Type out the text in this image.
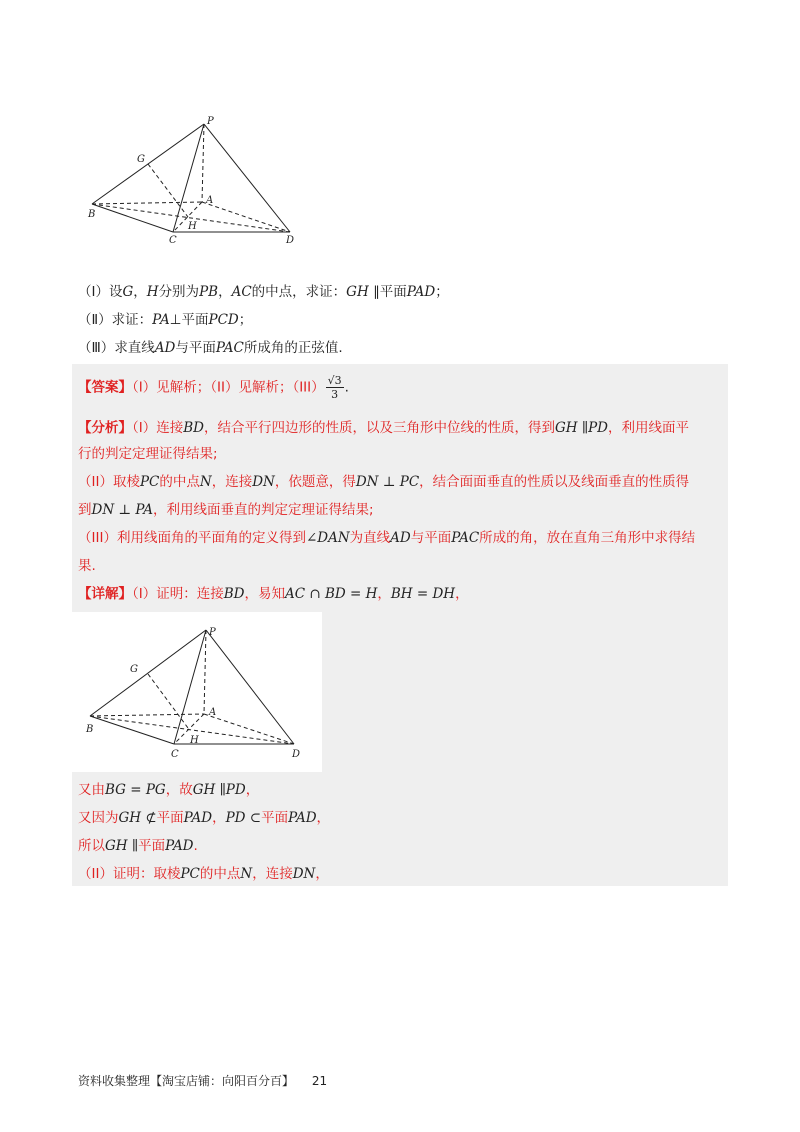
P
G
A
B
H
C	D
（Ⅰ）设G，H分别为PB，AC的中点，求证：GH ∥平面PAD；
（Ⅱ）求证：PA⊥平面PCD；
（Ⅲ）求直线AD与平面PAC所成角的正弦值.
【答案】（I）见解析；（II）见解析；$(III) \frac{√3}{3}$ .
【分析】（I）连接BD，结合平行四边形的性质，以及三角形中位线的性质，得到GH ∥PD，利用线面平
行的判定定理证得结果;
（II）取棱PC的中点N，连接DN，依题意，得DN ⊥ PC，结合面面垂直的性质以及线面垂直的性质得
到DN ⊥ PA，利用线面垂直的判定定理证得结果;
（III）利用线面角的平面角的定义得到∠DAN为直线AD与平面PAC所成的角，放在直角三角形中求得结
果.
【详解】（I）证明：连接BD，易知AC ∩ BD = H，BH = DH，
P
G
A
B
H
C	D
又由BG = PG，故GH ∥PD，
又因为GH ⊄平面PAD，PD ⊂平面PAD，
所以GH ∥平面PAD.
（II）证明：取棱PC的中点N，连接DN，
资料收集整理【淘宝店铺：向阳百分百】 21
